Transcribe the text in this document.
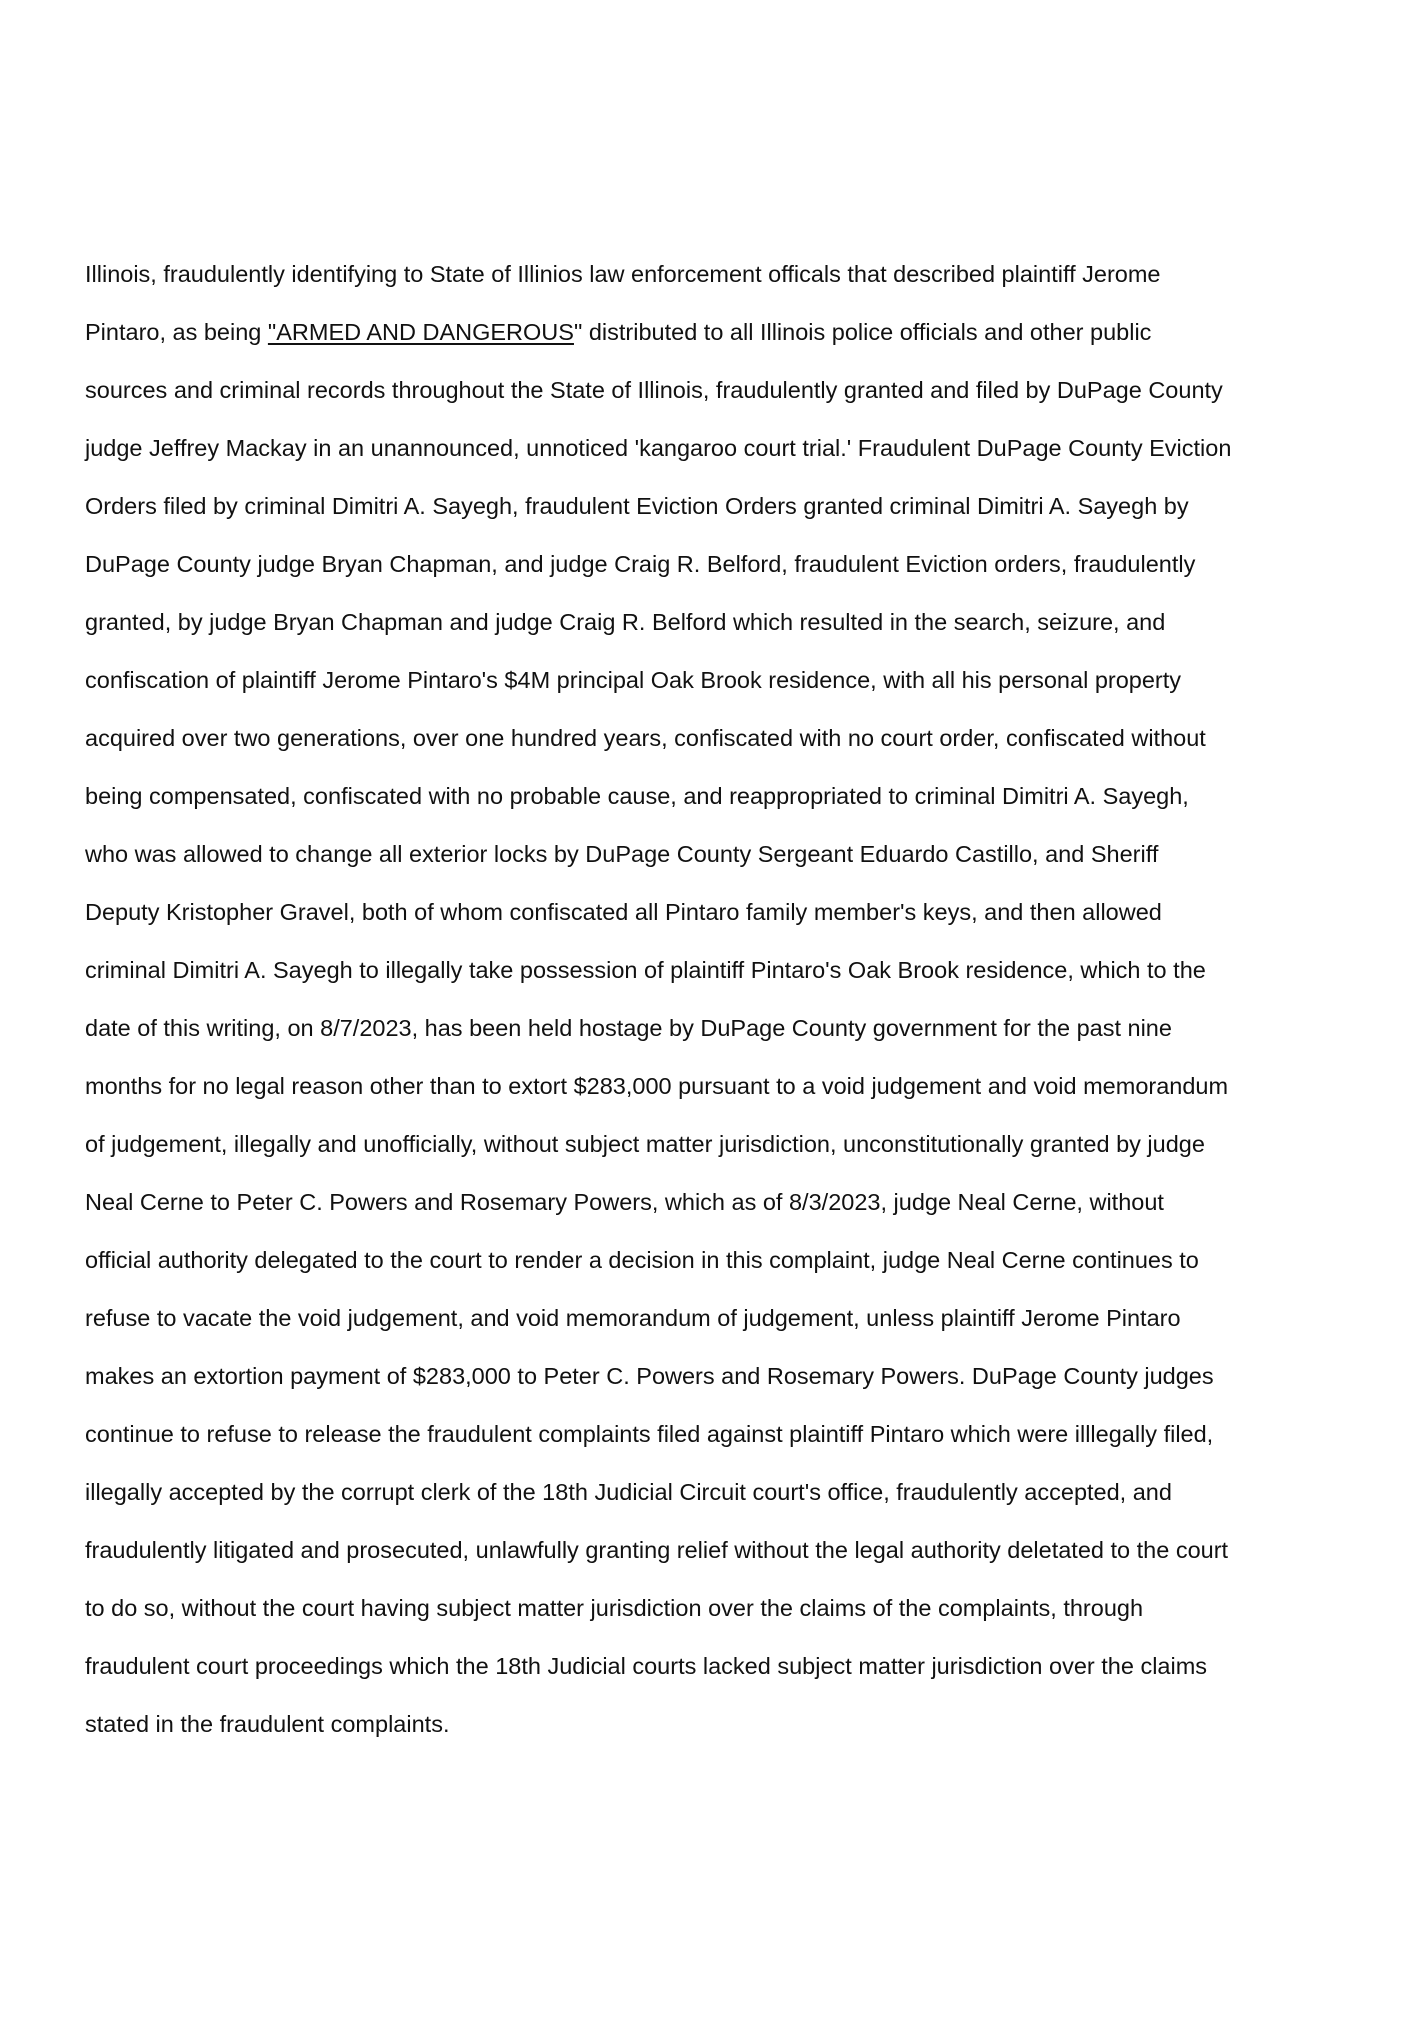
Illinois, fraudulently identifying to State of Illinios law enforcement officals that described plaintiff Jerome
Pintaro, as being "ARMED AND DANGEROUS" distributed to all Illinois police officials and other public
sources and criminal records throughout the State of Illinois, fraudulently granted and filed by DuPage County
judge Jeffrey Mackay in an unannounced, unnoticed 'kangaroo court trial.' Fraudulent DuPage County Eviction
Orders filed by criminal Dimitri A. Sayegh, fraudulent Eviction Orders granted criminal Dimitri A. Sayegh by
DuPage County judge Bryan Chapman, and judge Craig R. Belford, fraudulent Eviction orders, fraudulently
granted, by judge Bryan Chapman and judge Craig R. Belford which resulted in the search, seizure, and
confiscation of plaintiff Jerome Pintaro's $4M principal Oak Brook residence, with all his personal property
acquired over two generations, over one hundred years, confiscated with no court order, confiscated without
being compensated, confiscated with no probable cause, and reappropriated to criminal Dimitri A. Sayegh,
who was allowed to change all exterior locks by DuPage County Sergeant Eduardo Castillo, and Sheriff
Deputy Kristopher Gravel, both of whom confiscated all Pintaro family member's keys, and then allowed
criminal Dimitri A. Sayegh to illegally take possession of plaintiff Pintaro's Oak Brook residence, which to the
date of this writing, on 8/7/2023, has been held hostage by DuPage County government for the past nine
months for no legal reason other than to extort $283,000 pursuant to a void judgement and void memorandum
of judgement, illegally and unofficially, without subject matter jurisdiction, unconstitutionally granted by judge
Neal Cerne to Peter C. Powers and Rosemary Powers, which as of 8/3/2023, judge Neal Cerne, without
official authority delegated to the court to render a decision in this complaint, judge Neal Cerne continues to
refuse to vacate the void judgement, and void memorandum of judgement, unless plaintiff Jerome Pintaro
makes an extortion payment of $283,000 to Peter C. Powers and Rosemary Powers. DuPage County judges
continue to refuse to release the fraudulent complaints filed against plaintiff Pintaro which were illlegally filed,
illegally accepted by the corrupt clerk of the 18th Judicial Circuit court's office, fraudulently accepted, and
fraudulently litigated and prosecuted, unlawfully granting relief without the legal authority deletated to the court
to do so, without the court having subject matter jurisdiction over the claims of the complaints, through
fraudulent court proceedings which the 18th Judicial courts lacked subject matter jurisdiction over the claims
stated in the fraudulent complaints.
